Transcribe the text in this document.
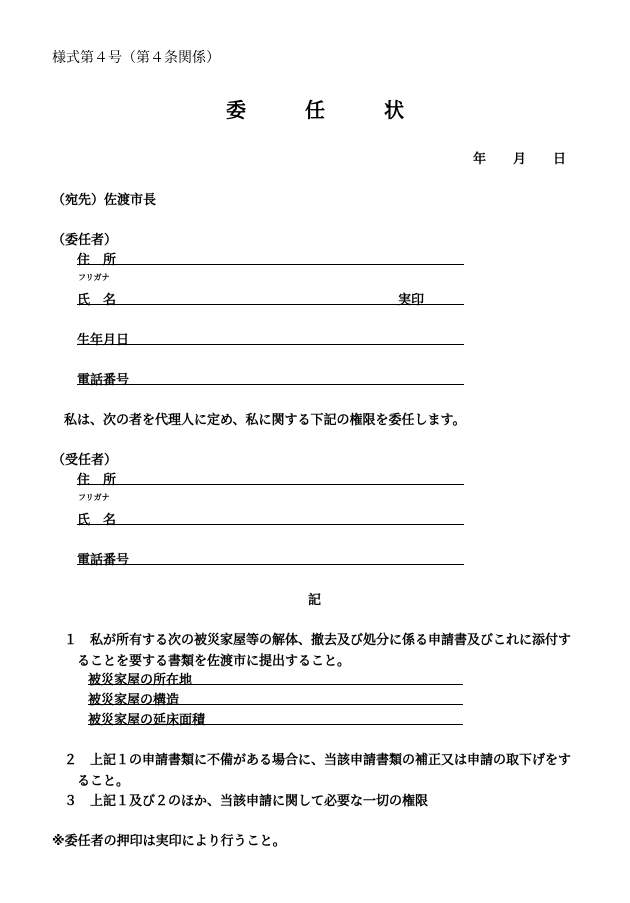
様式第４号（第４条関係）
委	任	状
年 月 日
（宛先）佐渡市長
（委任者）
住　所
フリガナ
氏　名	実印
生年月日
電話番号
私は、次の者を代理人に定め、私に関する下記の権限を委任します。
（受任者）
住　所
フリガナ
氏　名
電話番号
記
１　私が所有する次の被災家屋等の解体、撤去及び処分に係る申請書及びこれに添付す
ることを要する書類を佐渡市に提出すること。
被災家屋の所在地
被災家屋の構造
被災家屋の延床面積
２　上記１の申請書類に不備がある場合に、当該申請書類の補正又は申請の取下げをす
ること。
３　上記１及び２のほか、当該申請に関して必要な一切の権限
※委任者の押印は実印により行うこと。
